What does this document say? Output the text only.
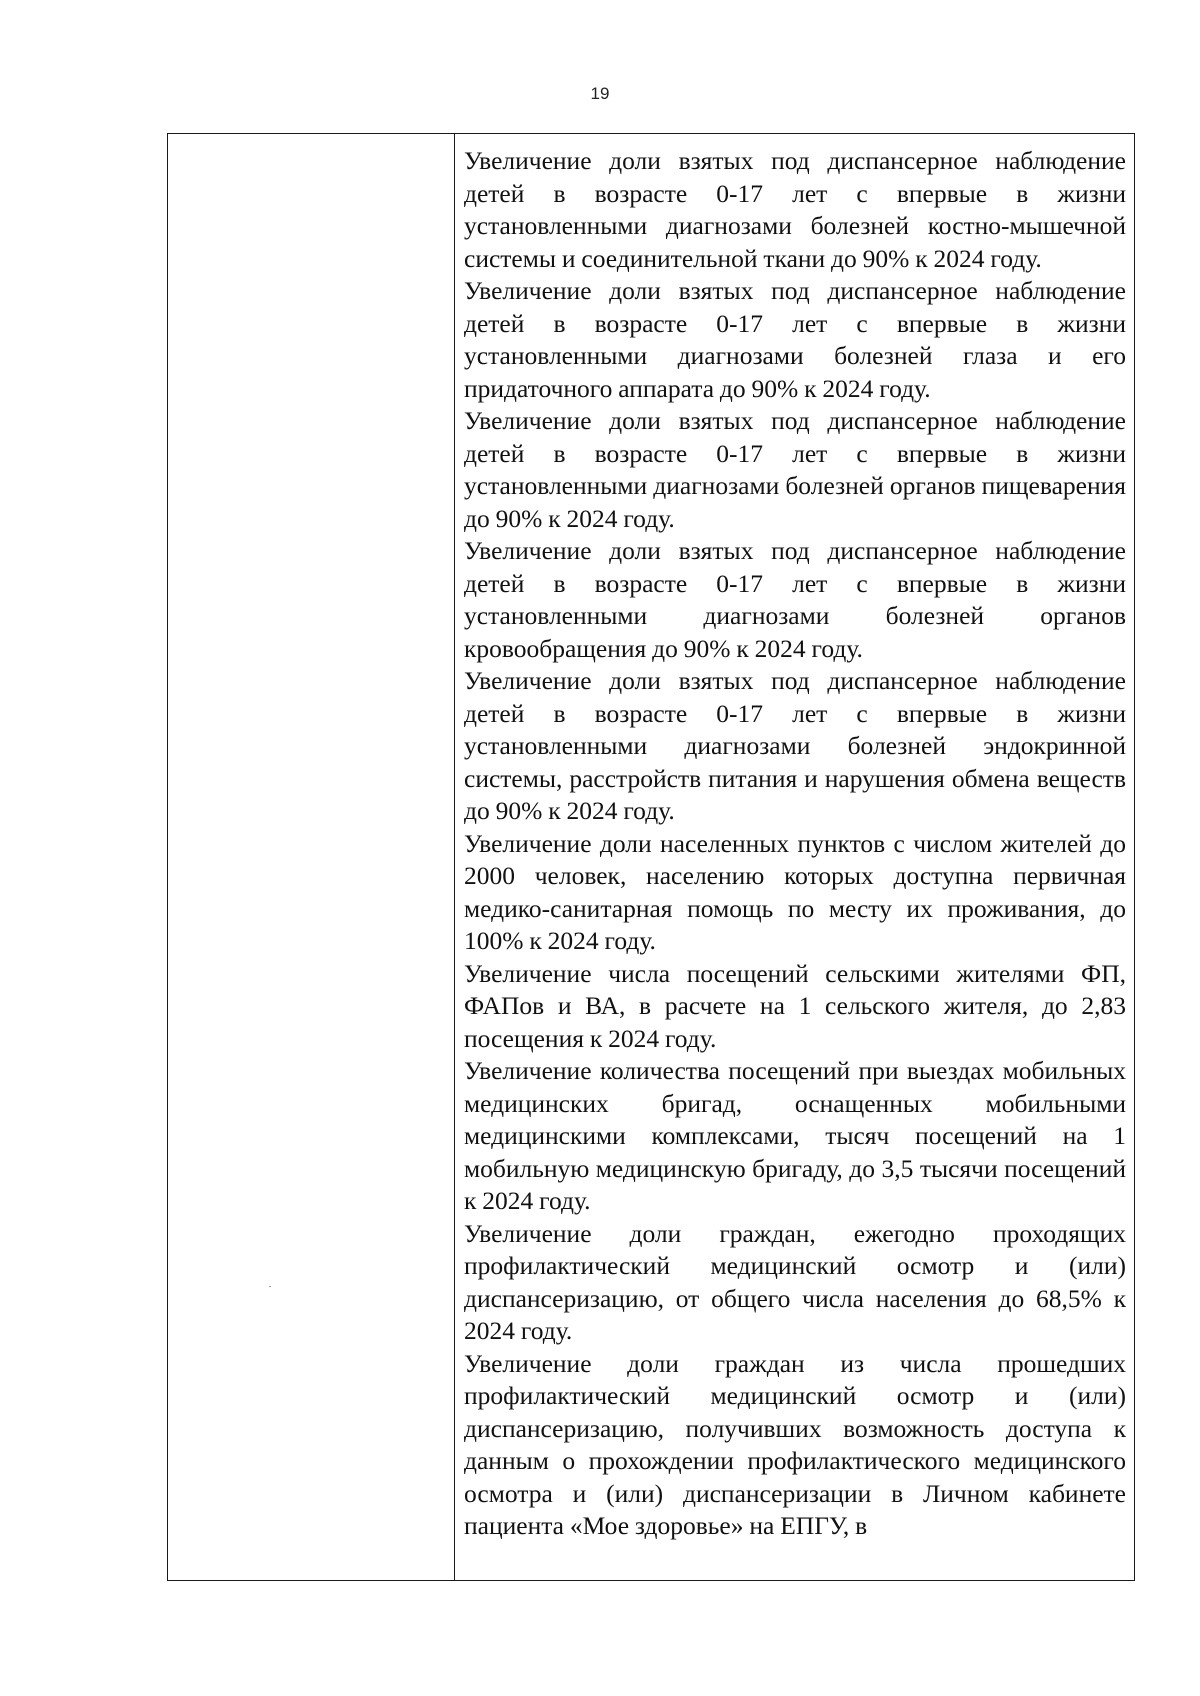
19

Увеличение доли взятых под диспансерное наблюдение детей в возрасте 0-17 лет с впервые в жизни установленными диагнозами болезней костно-мышечной системы и соединительной ткани до 90% к 2024 году.

Увеличение доли взятых под диспансерное наблюдение детей в возрасте 0-17 лет с впервые в жизни установленными диагнозами болезней глаза и его придаточного аппарата до 90% к 2024 году.

Увеличение доли взятых под диспансерное наблюдение детей в возрасте 0-17 лет с впервые в жизни установленными диагнозами болезней органов пищеварения до 90% к 2024 году.

Увеличение доли взятых под диспансерное наблюдение детей в возрасте 0-17 лет с впервые в жизни установленными диагнозами болезней органов кровообращения до 90% к 2024 году.

Увеличение доли взятых под диспансерное наблюдение детей в возрасте 0-17 лет с впервые в жизни установленными диагнозами болезней эндокринной системы, расстройств питания и нарушения обмена веществ до 90% к 2024 году.

Увеличение доли населенных пунктов с числом жителей до 2000 человек, населению которых доступна первичная медико-санитарная помощь по месту их проживания, до 100% к 2024 году.

Увеличение числа посещений сельскими жителями ФП, ФАПов и ВА, в расчете на 1 сельского жителя, до 2,83 посещения к 2024 году.

Увеличение количества посещений при выездах мобильных медицинских бригад, оснащенных мобильными медицинскими комплексами, тысяч посещений на 1 мобильную медицинскую бригаду, до 3,5 тысячи посещений к 2024 году.

Увеличение доли граждан, ежегодно проходящих профилактический медицинский осмотр и (или) диспансеризацию, от общего числа населения до 68,5% к 2024 году.

Увеличение доли граждан из числа прошедших профилактический медицинский осмотр и (или) диспансеризацию, получивших возможность доступа к данным о прохождении профилактического медицинского осмотра и (или) диспансеризации в Личном кабинете пациента «Мое здоровье» на ЕПГУ, в
